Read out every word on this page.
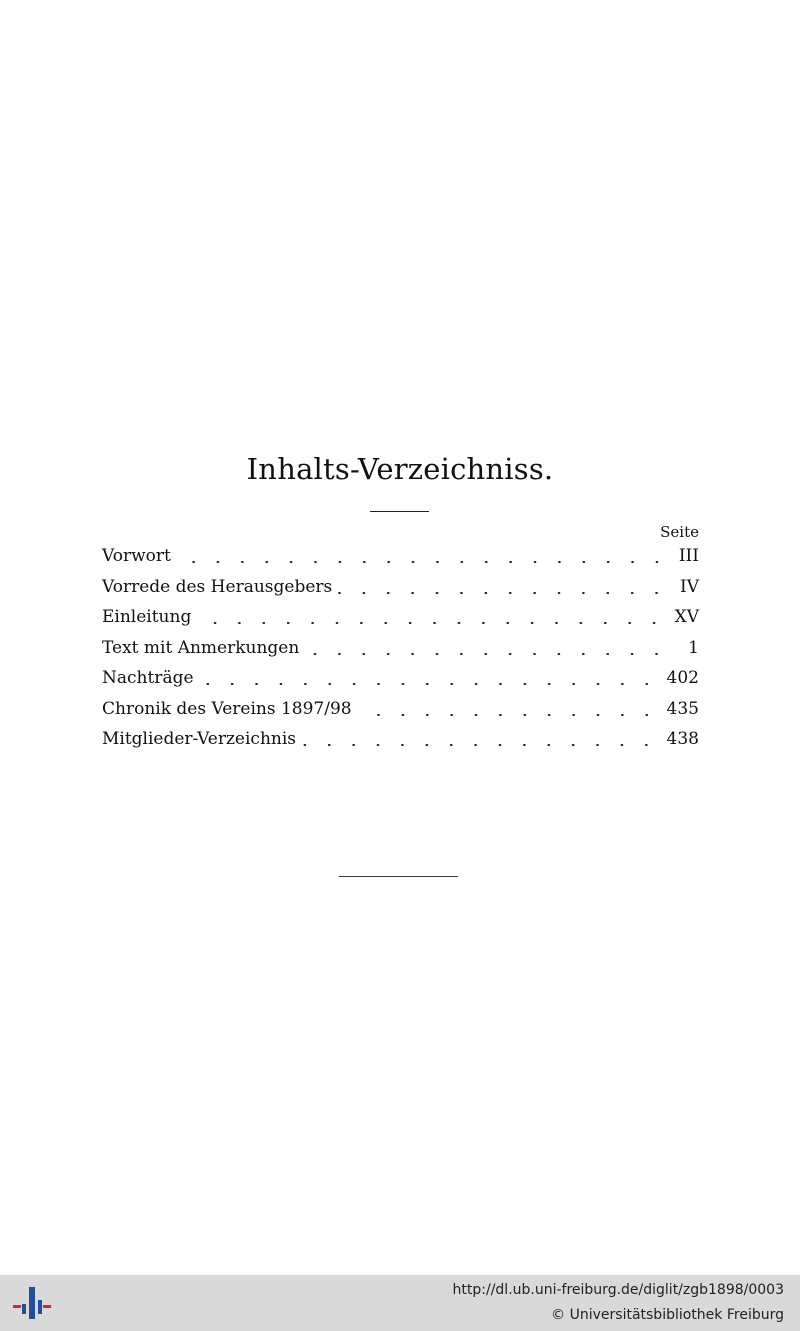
Inhalts-Verzeichniss.
Seite
Vorwort	III
Vorrede des Herausgebers	IV
Einleitung	XV
Text mit Anmerkungen	1
Nachträge	402
Chronik des Vereins 1897/98	435
Mitglieder-Verzeichnis	438
http://dl.ub.uni-freiburg.de/diglit/zgb1898/0003
© Universitätsbibliothek Freiburg
